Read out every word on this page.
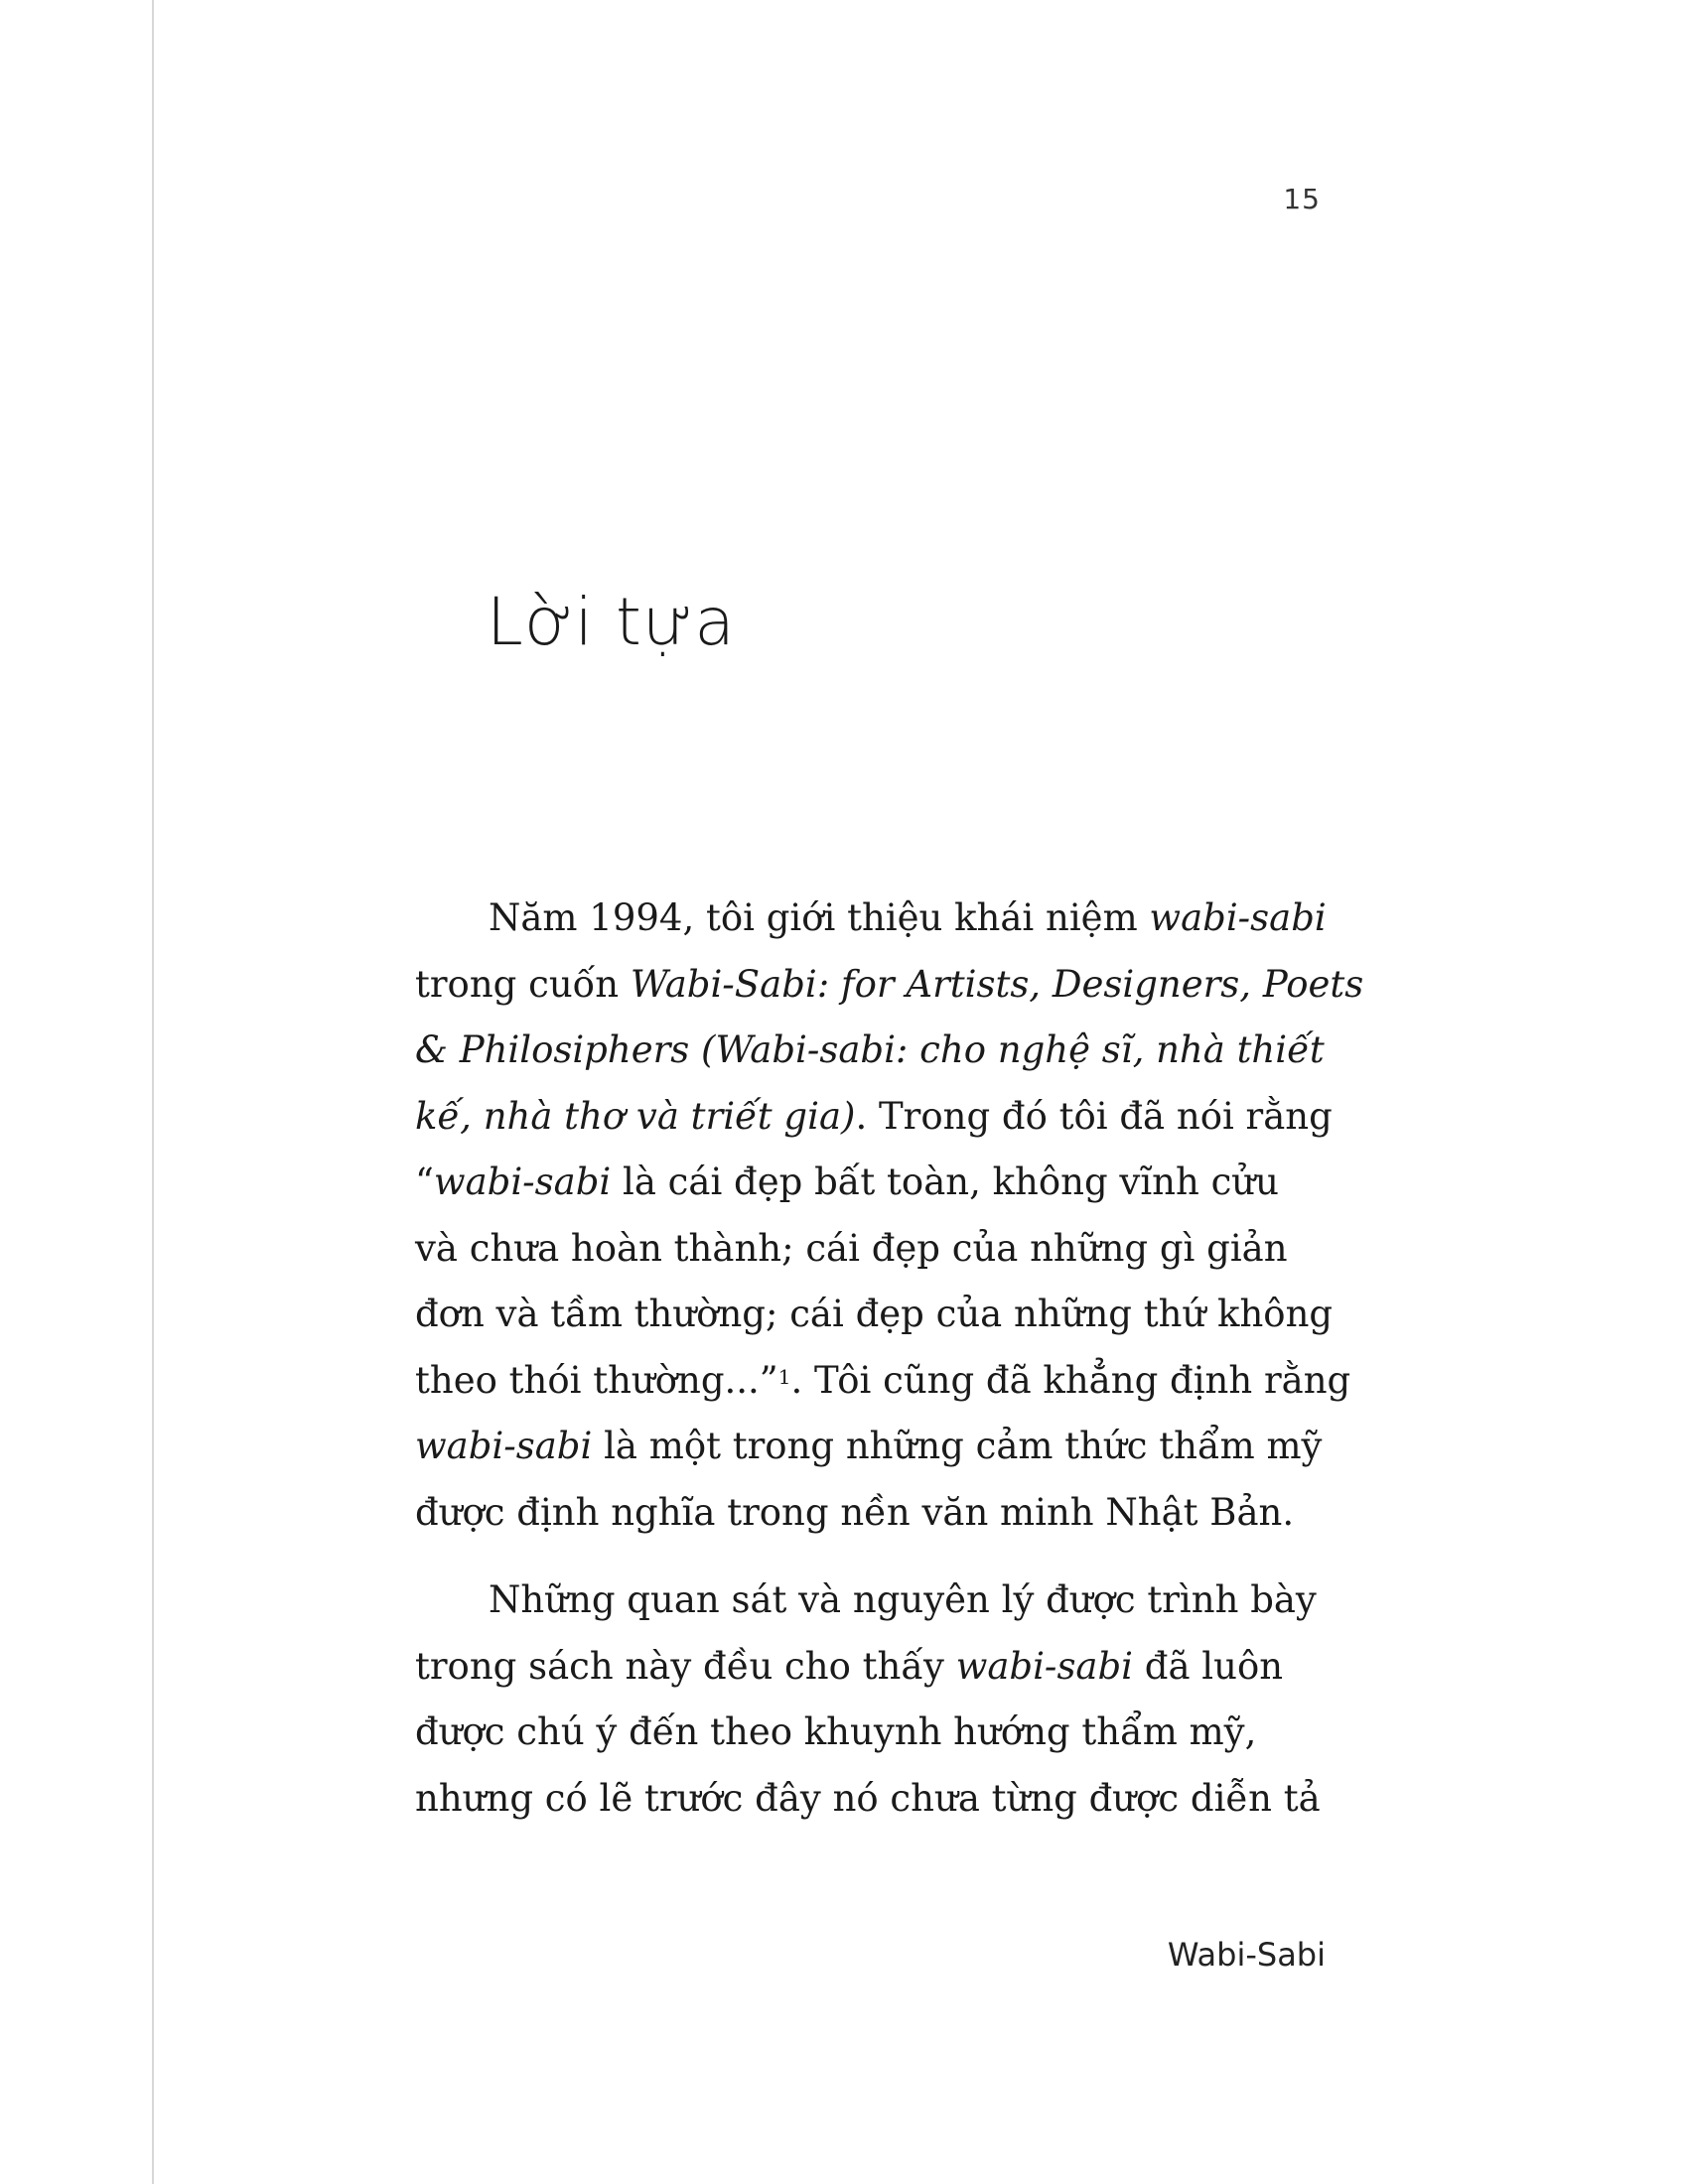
15
Lời tựa

Năm 1994, tôi giới thiệu khái niệm wabi-sabi
trong cuốn Wabi-Sabi: for Artists, Designers, Poets
& Philosiphers (Wabi-sabi: cho nghệ sĩ, nhà thiết
kế, nhà thơ và triết gia). Trong đó tôi đã nói rằng
“wabi-sabi là cái đẹp bất toàn, không vĩnh cửu
và chưa hoàn thành; cái đẹp của những gì giản
đơn và tầm thường; cái đẹp của những thứ không
theo thói thường...”$^1$. Tôi cũng đã khẳng định rằng
wabi-sabi là một trong những cảm thức thẩm mỹ
được định nghĩa trong nền văn minh Nhật Bản.

Những quan sát và nguyên lý được trình bày
trong sách này đều cho thấy wabi-sabi đã luôn
được chú ý đến theo khuynh hướng thẩm mỹ,
nhưng có lẽ trước đây nó chưa từng được diễn tả

Wabi-Sabi
